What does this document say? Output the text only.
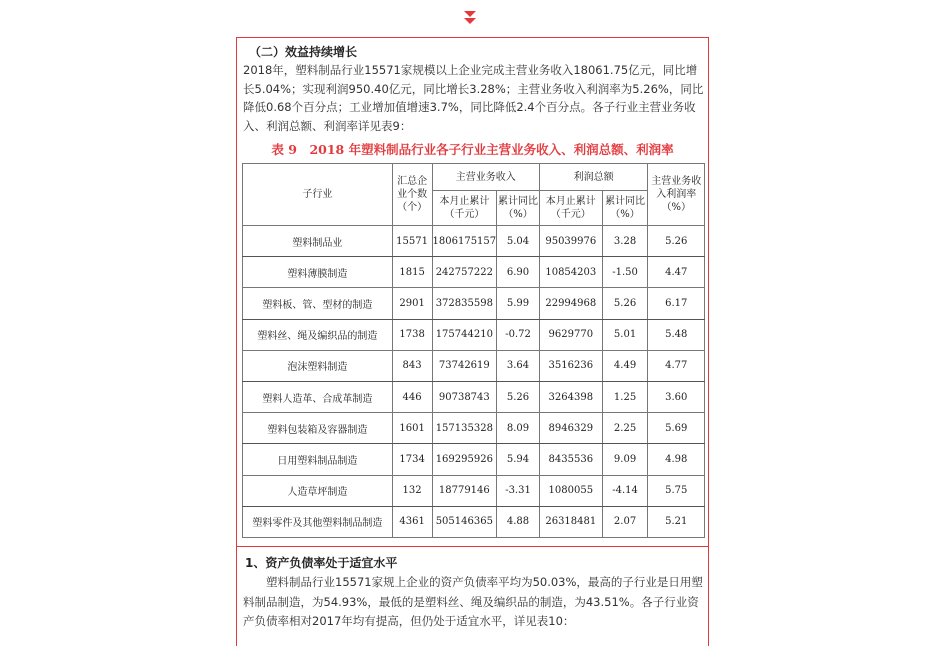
（二）效益持续增长

2018年，塑料制品行业15571家规模以上企业完成主营业务收入18061.75亿元，同比增长5.04%；实现利润950.40亿元，同比增长3.28%；主营业务收入利润率为5.26%，同比降低0.68个百分点；工业增加值增速3.7%，同比降低2.4个百分点。各子行业主营业务收入、利润总额、利润率详见表9：

表 9　2018 年塑料制品行业各子行业主营业务收入、利润总额、利润率
子行业	汇总企业个数（个）	主营业务收入		利润总额		主营业务收入利润率（%）
		本月止累计（千元）	累计同比（%）	本月止累计（千元）	累计同比（%）	
塑料制品业	15571	1806175157	5.04	95039976	3.28	5.26
塑料薄膜制造	1815	242757222	6.90	10854203	-1.50	4.47
塑料板、管、型材的制造	2901	372835598	5.99	22994968	5.26	6.17
塑料丝、绳及编织品的制造	1738	175744210	-0.72	9629770	5.01	5.48
泡沫塑料制造	843	73742619	3.64	3516236	4.49	4.77
塑料人造革、合成革制造	446	90738743	5.26	3264398	1.25	3.60
塑料包装箱及容器制造	1601	157135328	8.09	8946329	2.25	5.69
日用塑料制品制造	1734	169295926	5.94	8435536	9.09	4.98
人造草坪制造	132	18779146	-3.31	1080055	-4.14	5.75
塑料零件及其他塑料制品制造	4361	505146365	4.88	26318481	2.07	5.21
1、资产负债率处于适宜水平

塑料制品行业15571家规上企业的资产负债率平均为50.03%，最高的子行业是日用塑料制品制造，为54.93%，最低的是塑料丝、绳及编织品的制造，为43.51%。各子行业资产负债率相对2017年均有提高，但仍处于适宜水平，详见表10：
